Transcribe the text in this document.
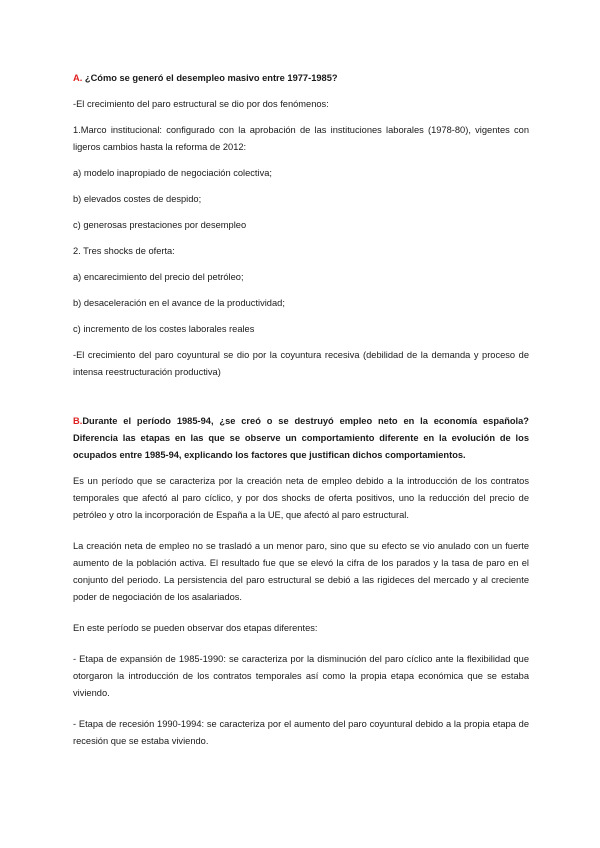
A. ¿Cómo se generó el desempleo masivo entre 1977-1985?

-El crecimiento del paro estructural se dio por dos fenómenos:

1.Marco institucional: configurado con la aprobación de las instituciones laborales (1978-80), vigentes con ligeros cambios hasta la reforma de 2012:

a) modelo inapropiado de negociación colectiva;

b) elevados costes de despido;

c) generosas prestaciones por desempleo

2. Tres shocks de oferta:

a) encarecimiento del precio del petróleo;

b) desaceleración en el avance de la productividad;

c) incremento de los costes laborales reales

-El crecimiento del paro coyuntural se dio por la coyuntura recesiva (debilidad de la demanda y proceso de intensa reestructuración productiva)

B.Durante el período 1985-94, ¿se creó o se destruyó empleo neto en la economía española? Diferencia las etapas en las que se observe un comportamiento diferente en la evolución de los ocupados entre 1985-94, explicando los factores que justifican dichos comportamientos.

Es un período que se caracteriza por la creación neta de empleo debido a la introducción de los contratos temporales que afectó al paro cíclico, y por dos shocks de oferta positivos, uno la reducción del precio de petróleo y otro la incorporación de España a la UE, que afectó al paro estructural.

La creación neta de empleo no se trasladó a un menor paro, sino que su efecto se vio anulado con un fuerte aumento de la población activa. El resultado fue que se elevó la cifra de los parados y la tasa de paro en el conjunto del periodo. La persistencia del paro estructural se debió a las rigideces del mercado y al creciente poder de negociación de los asalariados.

En este período se pueden observar dos etapas diferentes:

- Etapa de expansión de 1985-1990: se caracteriza por la disminución del paro cíclico ante la flexibilidad que otorgaron la introducción de los contratos temporales así como la propia etapa económica que se estaba viviendo.

- Etapa de recesión 1990-1994: se caracteriza por el aumento del paro coyuntural debido a la propia etapa de recesión que se estaba viviendo.
